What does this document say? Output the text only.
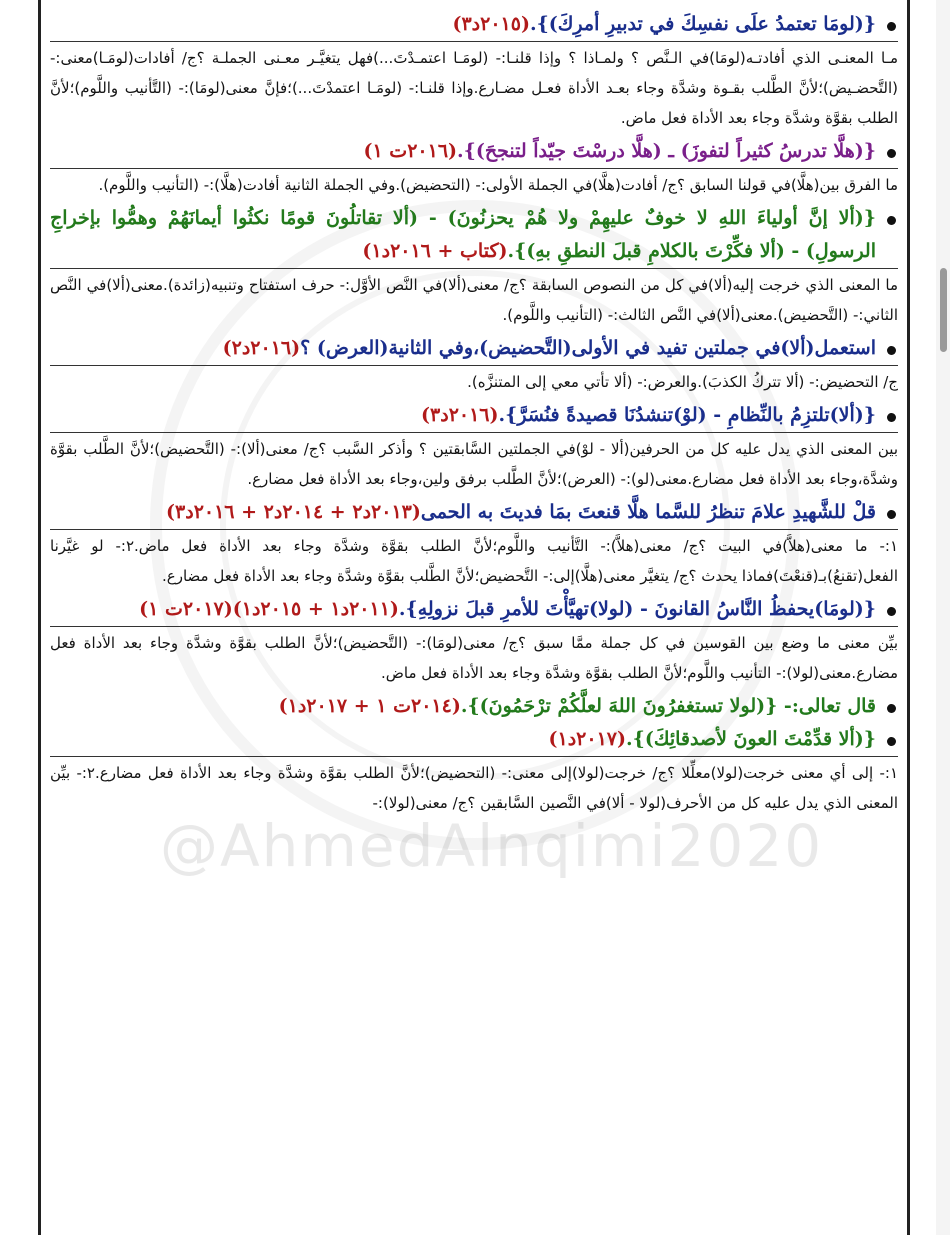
@AhmedAlnqimi2020

{(لومَا تعتمدُ علَى نفسِكَ في تدبيرِ أمرِكَ)}.(٢٠١٥د٣)

مـا المعنـى الذي أفادتـه(لومَا)في الـنَّص ؟ ولمـاذا ؟ وإذا قلنـا:- (لومَـا اعتمـدْتَ...)فهل يتغيَّـر معـنى الجملـة ؟ج/ أفادات(لومَـا)معنى:- (التَّحضـيض)؛لأنَّ الطَّلب بقـوة وشدَّة وجاء بعـد الأداة فعـل مضـارع.وإذا قلنـا:- (لومَـا اعتمدْتَ...)؛فإنَّ معنى(لومَا):- (التَّأنيب واللَّوم)؛لأنَّ الطلب بقوَّة وشدَّة وجاء بعد الأداة فعل ماض.

{(هلَّا تدرسُ كثيراً لتفوزَ) ـ (هلَّا درسْتَ جيّداً لتنجحَ)}.(٢٠١٦ت ١)

ما الفرق بين(هلَّا)في قولنا السابق ؟ج/ أفادت(هلَّا)في الجملة الأولى:- (التحضيض).وفي الجملة الثانية أفادت(هلَّا):- (التأنيب واللَّوم).

{(ألا إنَّ أولياءَ اللهِ لا خوفٌ عليهِمْ ولا هُمْ يحزنُونَ) - (ألا تقاتلُونَ قومًا نكثُوا أيمانَهُمْ وهمُّوا بإخراجِ الرسولِ) - (ألا فكِّرْتَ بالكلامِ قبلَ النطقِ بهِ)}.(كتاب + ٢٠١٦د١)

ما المعنى الذي خرجت إليه(ألا)في كل من النصوص السابقة ؟ج/ معنى(ألا)في النَّص الأوَّل:- حرف استفتاح وتنبيه(زائدة).معنى(ألا)في النَّص الثاني:- (التَّحضيض).معنى(ألا)في النَّص الثالث:- (التأنيب واللَّوم).

استعمل(ألا)في جملتين تفيد في الأولى(التَّحضيض)،وفي الثانية(العرض) ؟(٢٠١٦د٢)

ج/ التحضيض:- (ألا تتركُ الكذبَ).والعرض:- (ألا تأتي معي إلى المتنزَّه).

{(ألا)تلتزِمُ بالنِّظامِ - (لوْ)تنشدُنَا قصيدةً فنُسَرَّ}.(٢٠١٦د٣)

بين المعنى الذي يدل عليه كل من الحرفين(ألا - لوْ)في الجملتين السَّابقتين ؟ وأذكر السَّبب ؟ج/ معنى(ألا):- (التَّحضيض)؛لأنَّ الطَّلب بقوَّة وشدَّة،وجاء بعد الأداة فعل مضارع.معنى(لو):- (العرض)؛لأنَّ الطَّلب برفق ولين،وجاء بعد الأداة فعل مضارع.

قلْ للشَّهيدِ علامَ تنظرُ للسَّما هلَّا قنعتَ بمَا فديتَ به الحمى(٢٠١٣د٢ + ٢٠١٤د٢ + ٢٠١٦د٣)

١:- ما معنى(هلاَّ)في البيت ؟ج/ معنى(هلاَّ):- التَّأنيب واللَّوم؛لأنَّ الطلب بقوَّة وشدَّة وجاء بعد الأداة فعل ماض.٢:- لو غيَّرنا الفعل(تقنعُ)بـ(قنعْتَ)فماذا يحدث ؟ج/ يتغيَّر معنى(هلَّا)إلى:- التَّحضيض؛لأنَّ الطَّلب بقوَّة وشدَّة وجاء بعد الأداة فعل مضارع.

{(لومَا)يحفظُ النَّاسُ القانونَ - (لولا)تهيَّأْتَ للأمرِ قبلَ نزولِهِ}.(٢٠١١د١ + ٢٠١٥د١)(٢٠١٧ت ١)

بيِّن معنى ما وضع بين القوسين في كل جملة ممَّا سبق ؟ج/ معنى(لومَا):- (التَّحضيض)؛لأنَّ الطلب بقوَّة وشدَّة وجاء بعد الأداة فعل مضارع.معنى(لولا):- التأنيب واللَّوم؛لأنَّ الطلب بقوَّة وشدَّة وجاء بعد الأداة فعل ماض.

قال تعالى:- {(لولا تستغفرُونَ اللهَ لعلَّكُمْ ترْحَمُونَ)}.(٢٠١٤ت ١ + ٢٠١٧د١)

{(ألا قدِّمْتَ العونَ لأصدقائِكَ)}.(٢٠١٧د١)

١:- إلى أي معنى خرجت(لولا)معلِّلا ؟ج/ خرجت(لولا)إلى معنى:- (التحضيض)؛لأنَّ الطلب بقوَّة وشدَّة وجاء بعد الأداة فعل مضارع.٢:- بيِّن المعنى الذي يدل عليه كل من الأحرف(لولا - ألا)في النَّصين السَّابقين ؟ج/ معنى(لولا):-
